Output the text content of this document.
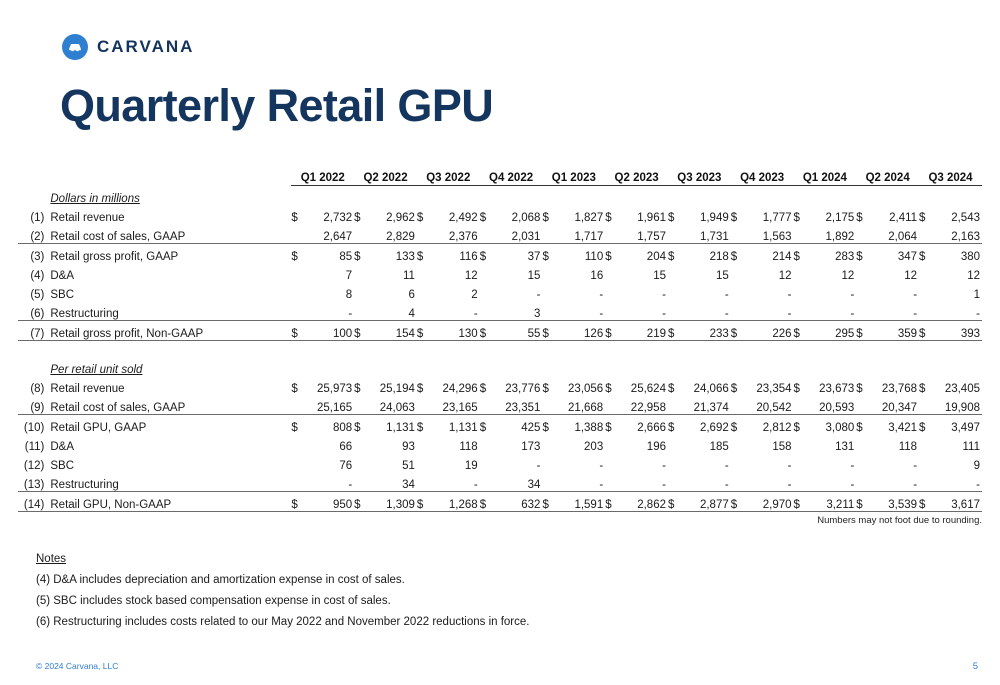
CARVANA
Quarterly Retail GPU
		Q1 2022		Q2 2022		Q3 2022		Q4 2022		Q1 2023		Q2 2023		Q3 2023		Q4 2023		Q1 2024		Q2 2024		Q3 2024	
	Dollars in millions																						
(1)	Retail revenue	$	2,732	$	2,962	$	2,492	$	2,068	$	1,827	$	1,961	$	1,949	$	1,777	$	2,175	$	2,411	$	2,543
(2)	Retail cost of sales, GAAP		2,647		2,829		2,376		2,031		1,717		1,757		1,731		1,563		1,892		2,064		2,163
(3)	Retail gross profit, GAAP	$	85	$	133	$	116	$	37	$	110	$	204	$	218	$	214	$	283	$	347	$	380
(4)	D&A		7		11		12		15		16		15		15		12		12		12		12
(5)	SBC		8		6		2		-		-		-		-		-		-		-		1
(6)	Restructuring		-		4		-		3		-		-		-		-		-		-		-
(7)	Retail gross profit, Non-GAAP	$	100	$	154	$	130	$	55	$	126	$	219	$	233	$	226	$	295	$	359	$	393

	Per retail unit sold																						
(8)	Retail revenue	$	25,973	$	25,194	$	24,296	$	23,776	$	23,056	$	25,624	$	24,066	$	23,354	$	23,673	$	23,768	$	23,405
(9)	Retail cost of sales, GAAP		25,165		24,063		23,165		23,351		21,668		22,958		21,374		20,542		20,593		20,347		19,908
(10)	Retail GPU, GAAP	$	808	$	1,131	$	1,131	$	425	$	1,388	$	2,666	$	2,692	$	2,812	$	3,080	$	3,421	$	3,497
(11)	D&A		66		93		118		173		203		196		185		158		131		118		111
(12)	SBC		76		51		19		-		-		-		-		-		-		-		9
(13)	Restructuring		-		34		-		34		-		-		-		-		-		-		-
(14)	Retail GPU, Non-GAAP	$	950	$	1,309	$	1,268	$	632	$	1,591	$	2,862	$	2,877	$	2,970	$	3,211	$	3,539	$	3,617
Numbers may not foot due to rounding.
Notes
(4) D&A includes depreciation and amortization expense in cost of sales.
(5) SBC includes stock based compensation expense in cost of sales.
(6) Restructuring includes costs related to our May 2022 and November 2022 reductions in force.
© 2024 Carvana, LLC	5
